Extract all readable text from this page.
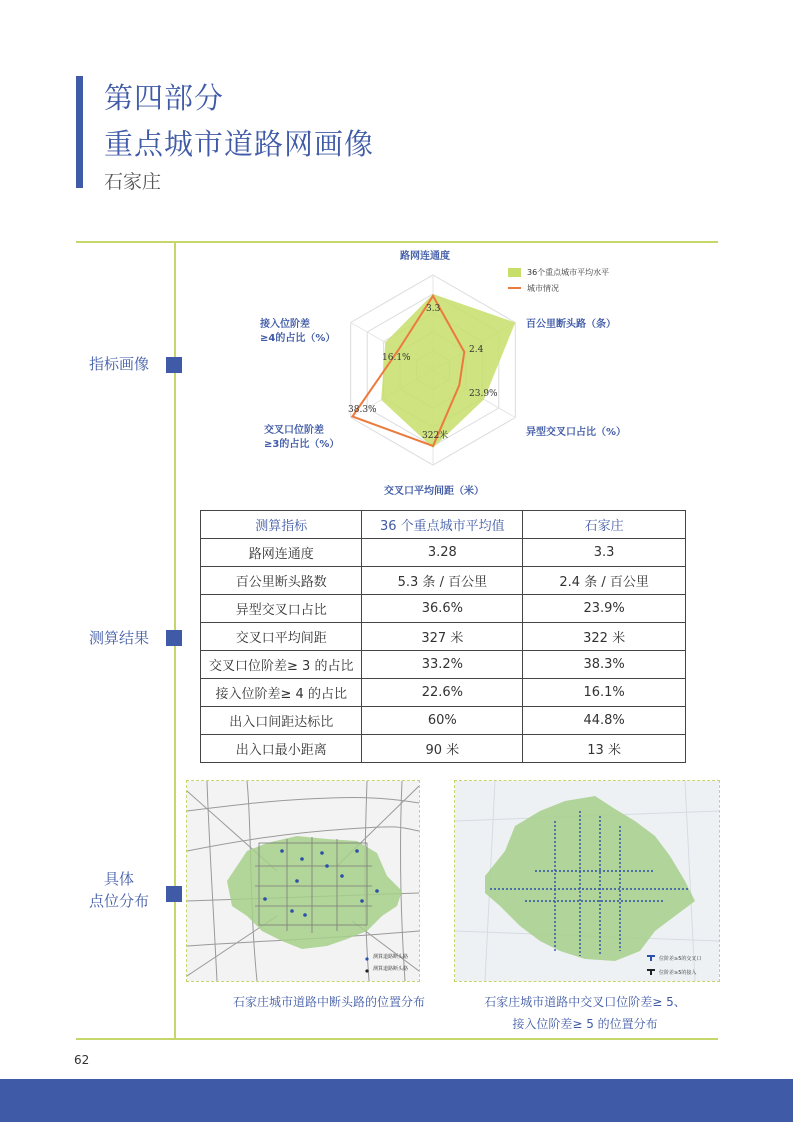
第四部分
重点城市道路网画像
石家庄
指标画像
测算结果
具体
点位分布
路网连通度
百公里断头路（条）
异型交叉口占比（%）
交叉口平均间距（米）
交叉口位阶差
≥3的占比（%）
接入位阶差
≥4的占比（%）
3.3
2.4
23.9%
322米
38.3%
16.1%
36个重点城市平均水平
城市情况
测算指标	36 个重点城市平均值	石家庄
路网连通度	3.28	3.3
百公里断头路数	5.3 条 / 百公里	2.4 条 / 百公里
异型交叉口占比	36.6%	23.9%
交叉口平均间距	327 米	322 米
交叉口位阶差≥ 3 的占比	33.2%	38.3%
接入位阶差≥ 4 的占比	22.6%	16.1%
出入口间距达标比	60%	44.8%
出入口最小距离	90 米	13 米
测算道路断头路
测算道路断头路
位阶差≥5的交叉口
位阶差≥5的接入
石家庄城市道路中断头路的位置分布	石家庄城市道路中交叉口位阶差≥ 5、
接入位阶差≥ 5 的位置分布
62
